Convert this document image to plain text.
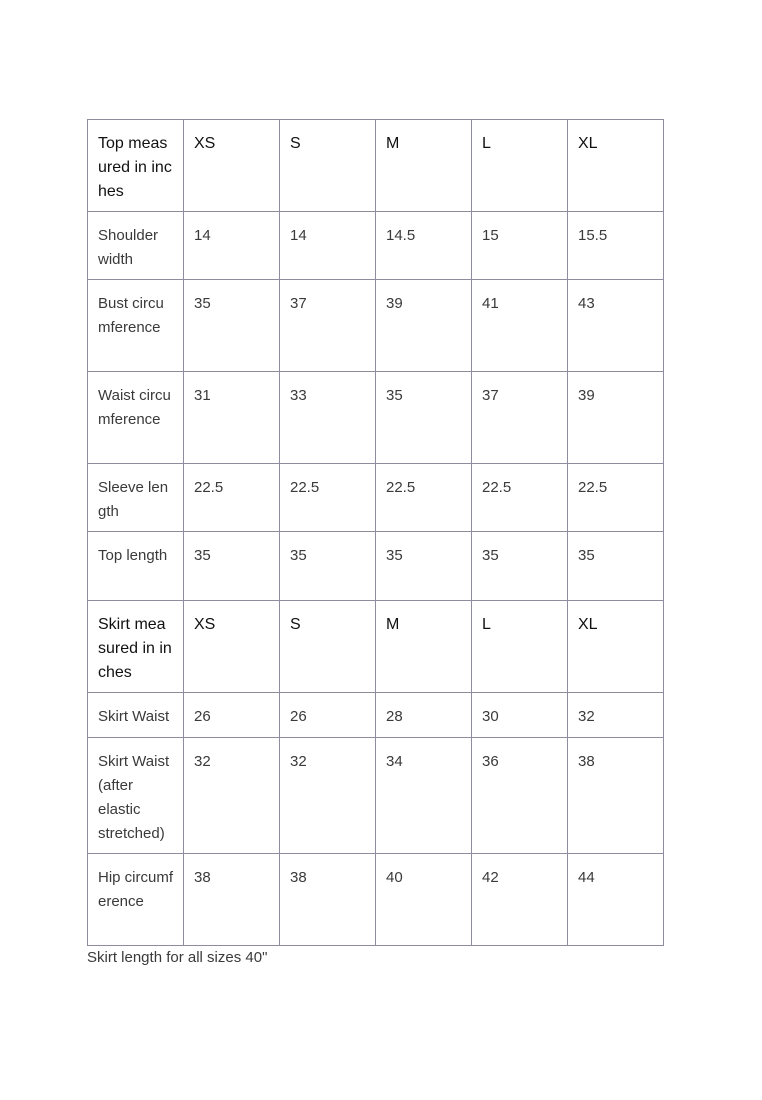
Top measured in inches	XS	S	M	L	XL
Shoulder width	14	14	14.5	15	15.5
Bust circumference	35	37	39	41	43
Waist circumference	31	33	35	37	39
Sleeve length	22.5	22.5	22.5	22.5	22.5
Top length	35	35	35	35	35
Skirt measured in inches	XS	S	M	L	XL
Skirt Waist	26	26	28	30	32
Skirt Waist (after elastic stretched)	32	32	34	36	38
Hip circumference	38	38	40	42	44
Skirt length for all sizes 40"
